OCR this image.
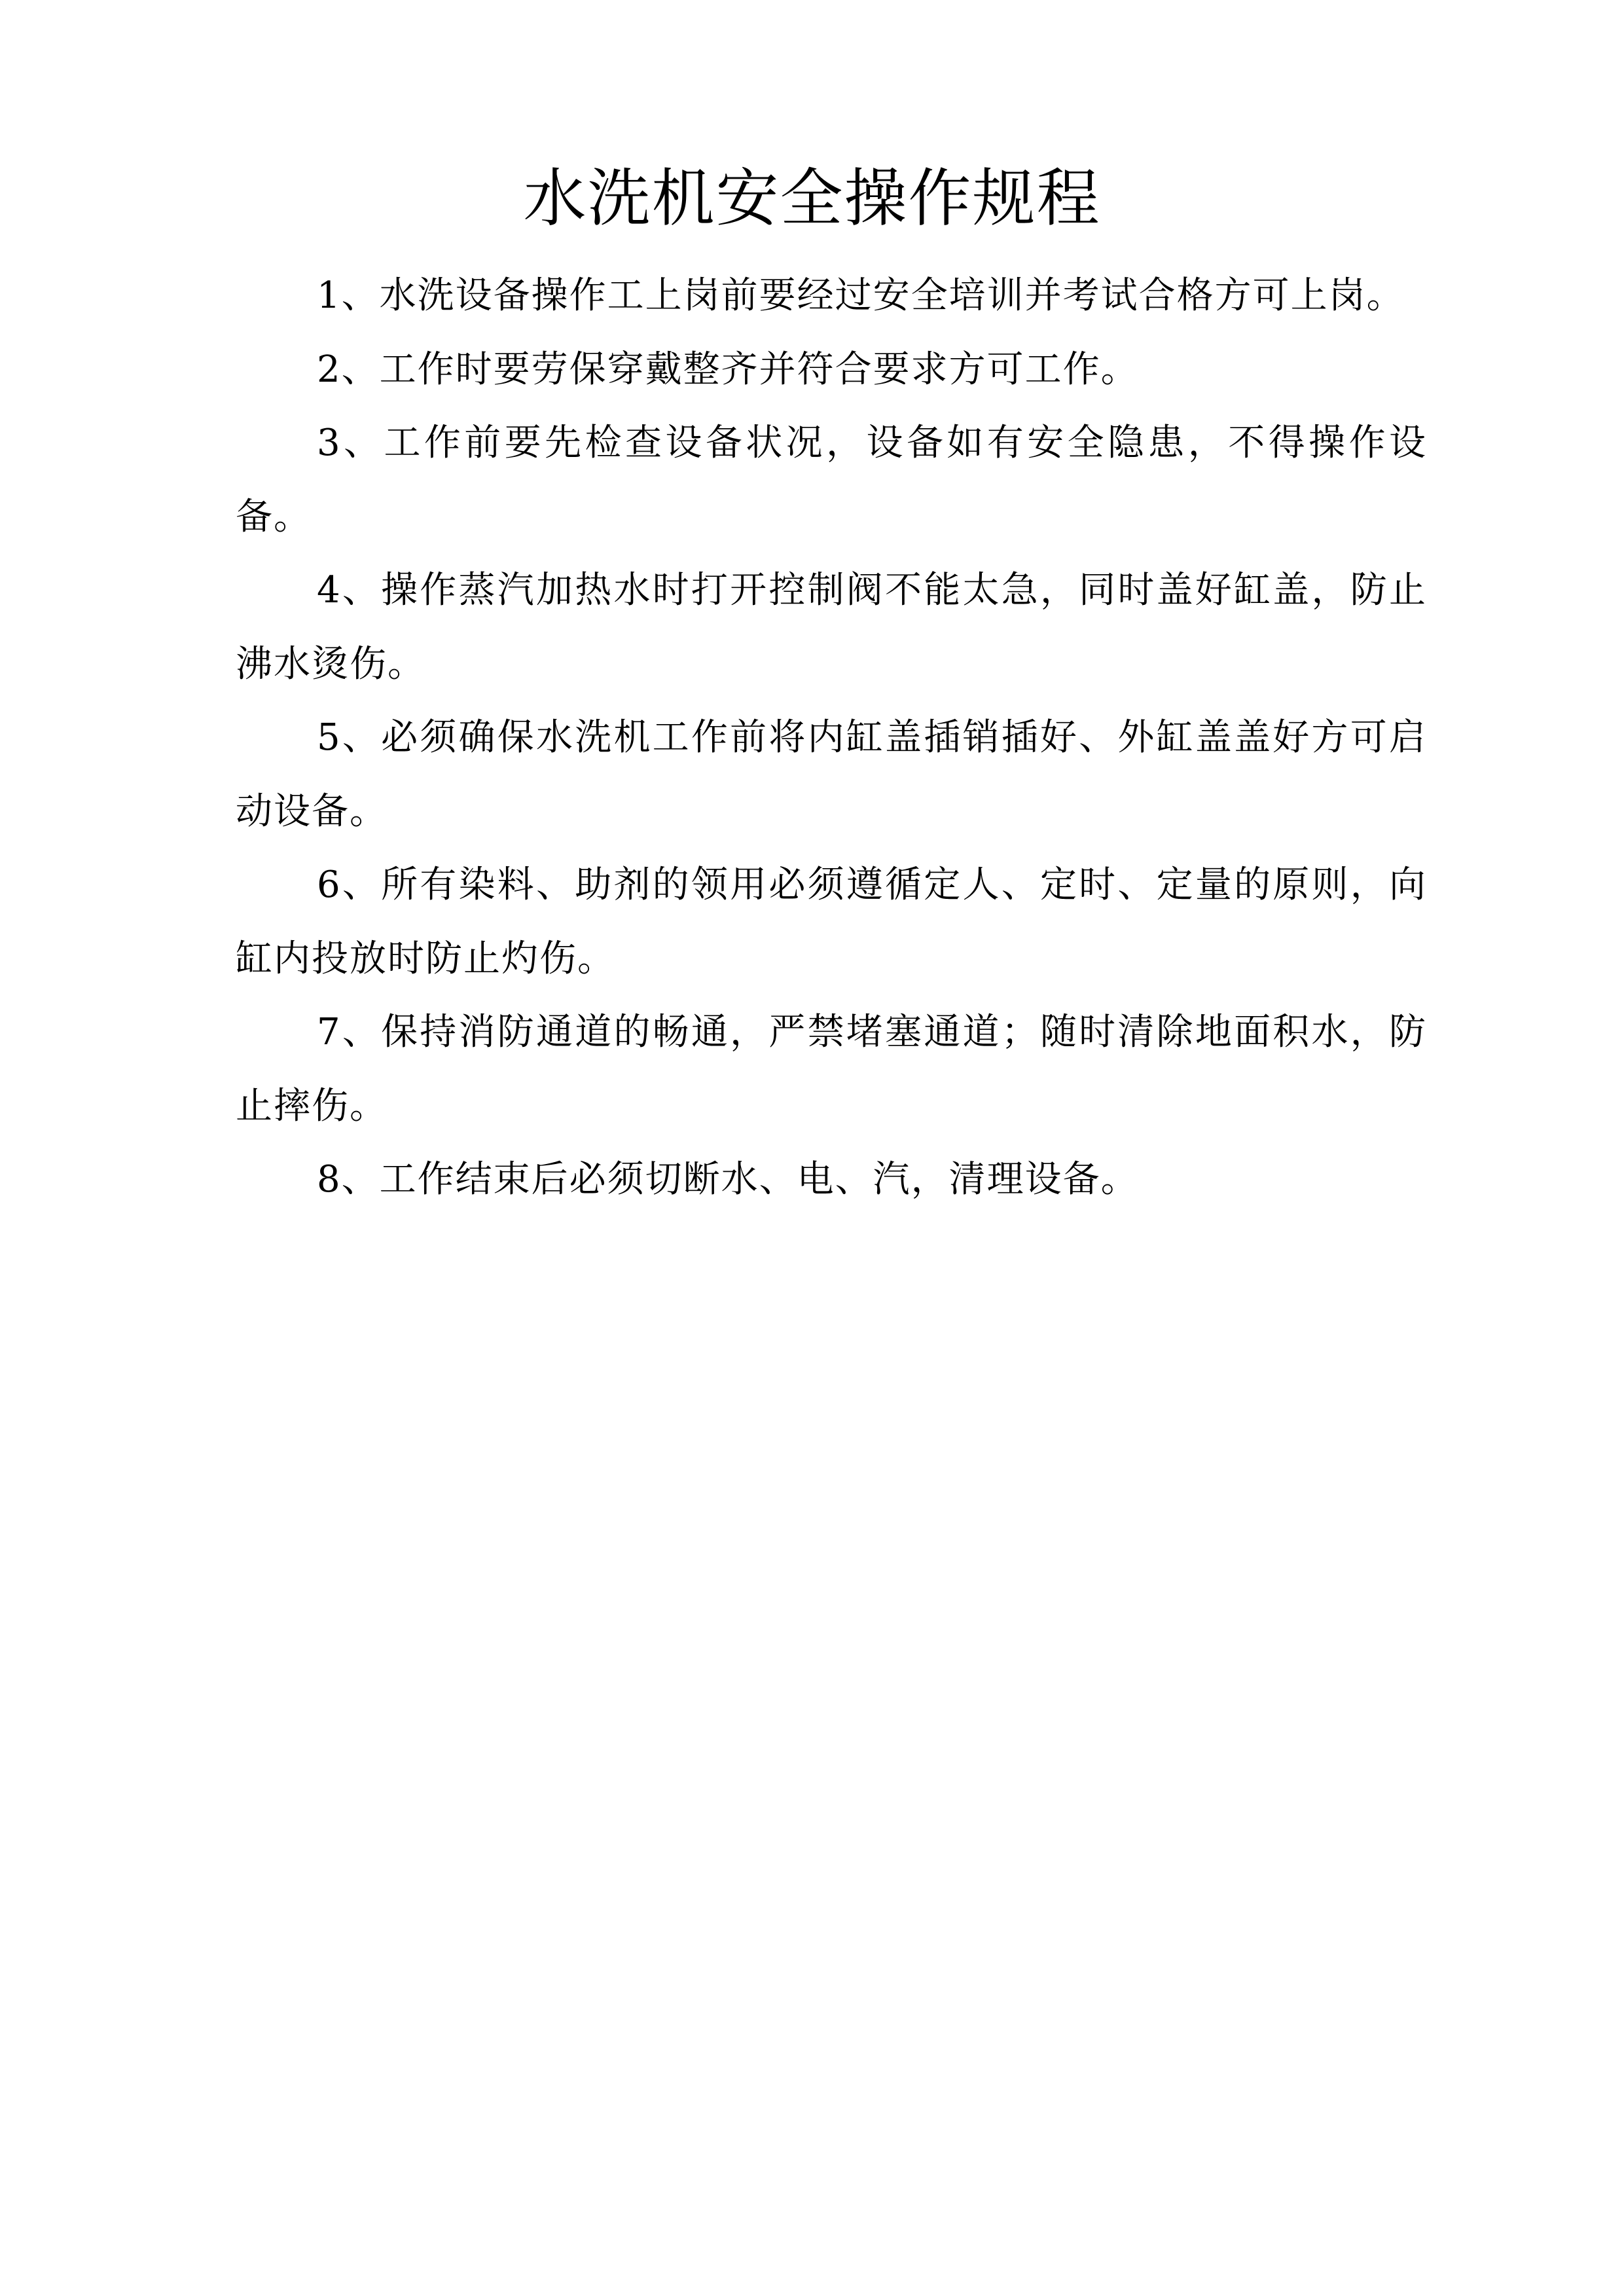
水洗机安全操作规程

1、水洗设备操作工上岗前要经过安全培训并考试合格方可上岗。

2、工作时要劳保穿戴整齐并符合要求方可工作。

3、工作前要先检查设备状况，设备如有安全隐患，不得操作设备。

4、操作蒸汽加热水时打开控制阀不能太急，同时盖好缸盖，防止沸水烫伤。

5、必须确保水洗机工作前将内缸盖插销插好、外缸盖盖好方可启动设备。

6、所有染料、助剂的领用必须遵循定人、定时、定量的原则，向缸内投放时防止灼伤。

7、保持消防通道的畅通，严禁堵塞通道；随时清除地面积水，防止摔伤。

8、工作结束后必须切断水、电、汽，清理设备。
